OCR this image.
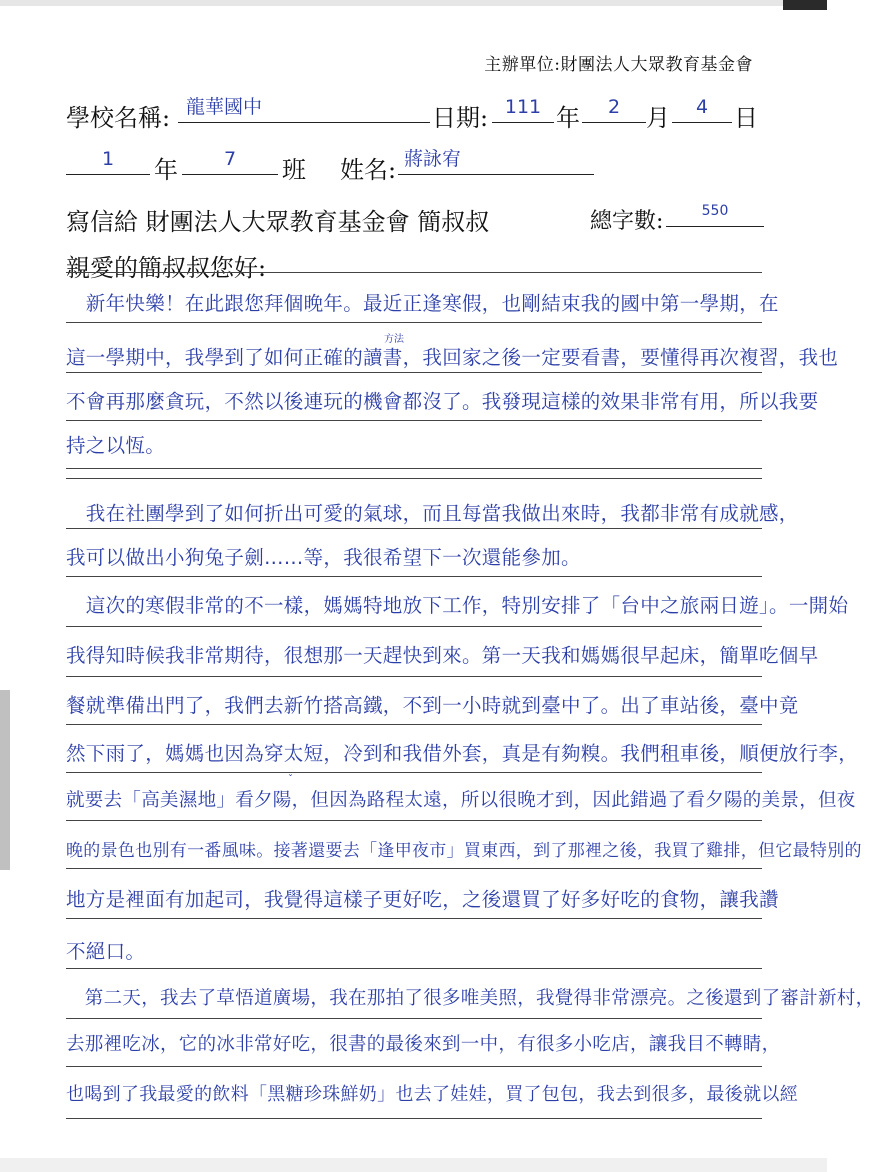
主辦單位:財團法人大眾教育基金會
學校名稱: 龍華國中	日期: 111 年	2	月	4	日
1	年	7	班 姓名: 蔣詠宥
寫信給 財團法人大眾教育基金會 簡叔叔	總字數:	550
親愛的簡叔叔您好:
　新年快樂！在此跟您拜個晚年。最近正逢寒假，也剛結束我的國中第一學期，在
方法
這一學期中，我學到了如何正確的讀書，我回家之後一定要看書，要懂得再次複習，我也
不會再那麼貪玩，不然以後連玩的機會都沒了。我發現這樣的效果非常有用，所以我要
持之以恆。
　我在社團學到了如何折出可愛的氣球，而且每當我做出來時，我都非常有成就感，
我可以做出小狗兔子劍……等，我很希望下一次還能參加。
　這次的寒假非常的不一樣，媽媽特地放下工作，特別安排了「台中之旅兩日遊」。一開始
我得知時候我非常期待，很想那一天趕快到來。第一天我和媽媽很早起床，簡單吃個早
餐就準備出門了，我們去新竹搭高鐵，不到一小時就到臺中了。出了車站後，臺中竟
然下雨了，媽媽也因為穿太短，冷到和我借外套，真是有夠糗。我們租車後，順便放行李，
ˇ
就要去「高美濕地」看夕陽，但因為路程太遠，所以很晚才到，因此錯過了看夕陽的美景，但夜
晚的景色也別有一番風味。接著還要去「逢甲夜市」買東西，到了那裡之後，我買了雞排，但它最特別的
地方是裡面有加起司，我覺得這樣子更好吃，之後還買了好多好吃的食物，讓我讚
不絕口。
　第二天，我去了草悟道廣場，我在那拍了很多唯美照，我覺得非常漂亮。之後還到了審計新村，
去那裡吃冰，它的冰非常好吃，很書的最後來到一中，有很多小吃店，讓我目不轉睛，
也喝到了我最愛的飲料「黑糖珍珠鮮奶」也去了娃娃，買了包包，我去到很多，最後就以經
